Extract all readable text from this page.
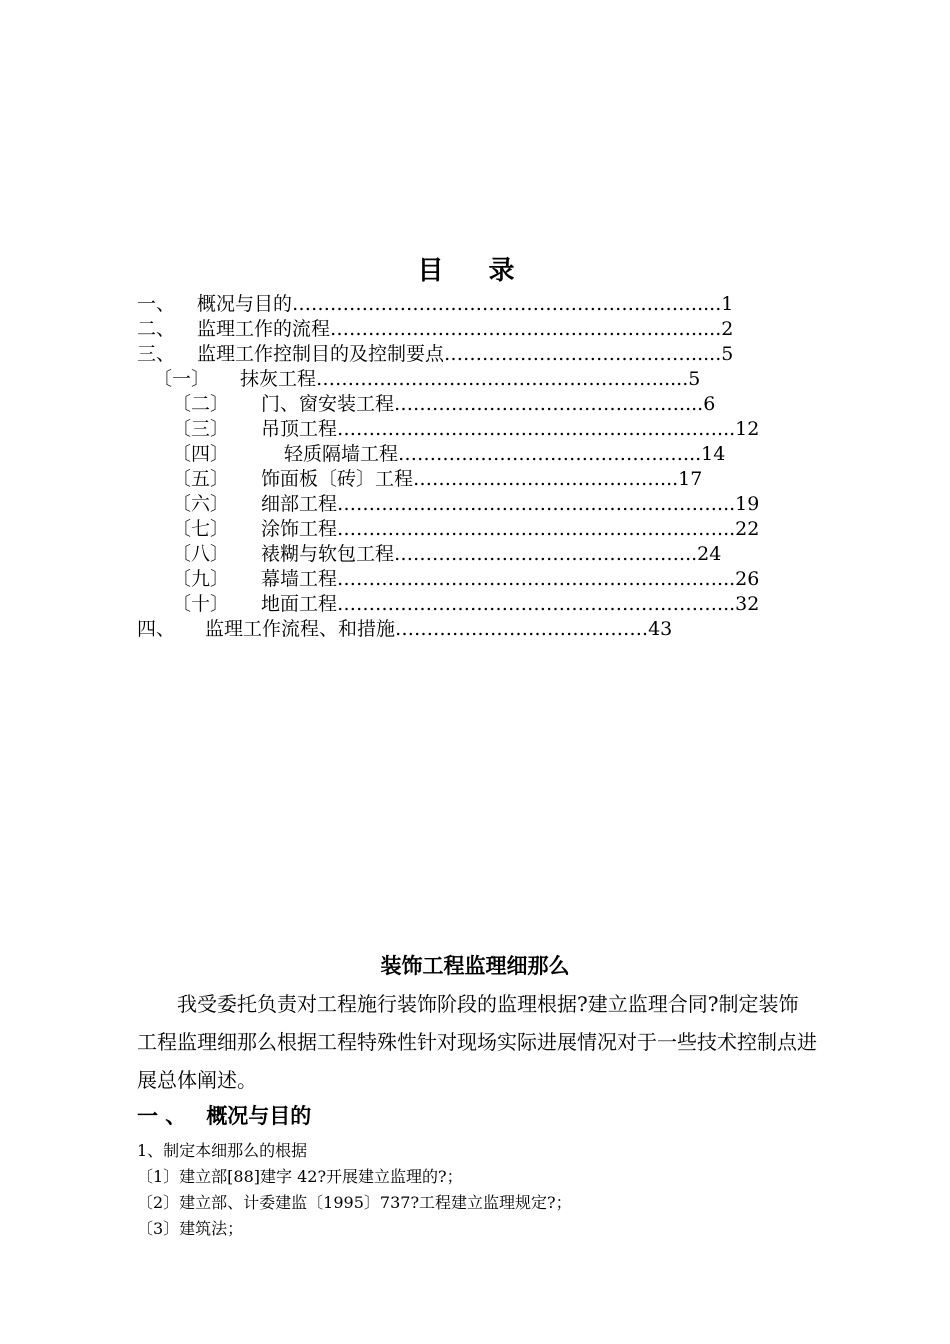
目 录
一、 概况与目的………………………………………………….……....1
二、 监理工作的流程………………………………………………….....2
三、 监理工作控制目的及控制要点………………………………….....5
〔一〕 抹灰工程……………………………………………….....5
〔二〕 门、窗安装工程………………………………………....6
〔三〕 吊顶工程……………………………………………………...12
〔四〕	轻质隔墙工程………………………………………...14
〔五〕 饰面板〔砖〕工程…………………………………...17
〔六〕 细部工程……………………………………………………...19
〔七〕 涂饰工程……………………………………………………...22
〔八〕 裱糊与软包工程………………………………………...24
〔九〕 幕墙工程……………………………………………………...26
〔十〕 地面工程……………………………………………………...32
四、 监理工作流程、和措施………………………………….43
装饰工程监理细那么
我受委托负责对工程施行装饰阶段的监理根据?建立监理合同?制定装饰工程监理细那么根据工程特殊性针对现场实际进展情况对于一些技术控制点进展总体阐述。
一 、 概况与目的
1、制定本细那么的根据
〔1〕建立部[88]建字 42?开展建立监理的?；
〔2〕建立部、计委建监〔1995〕737?工程建立监理规定?；
〔3〕建筑法；
